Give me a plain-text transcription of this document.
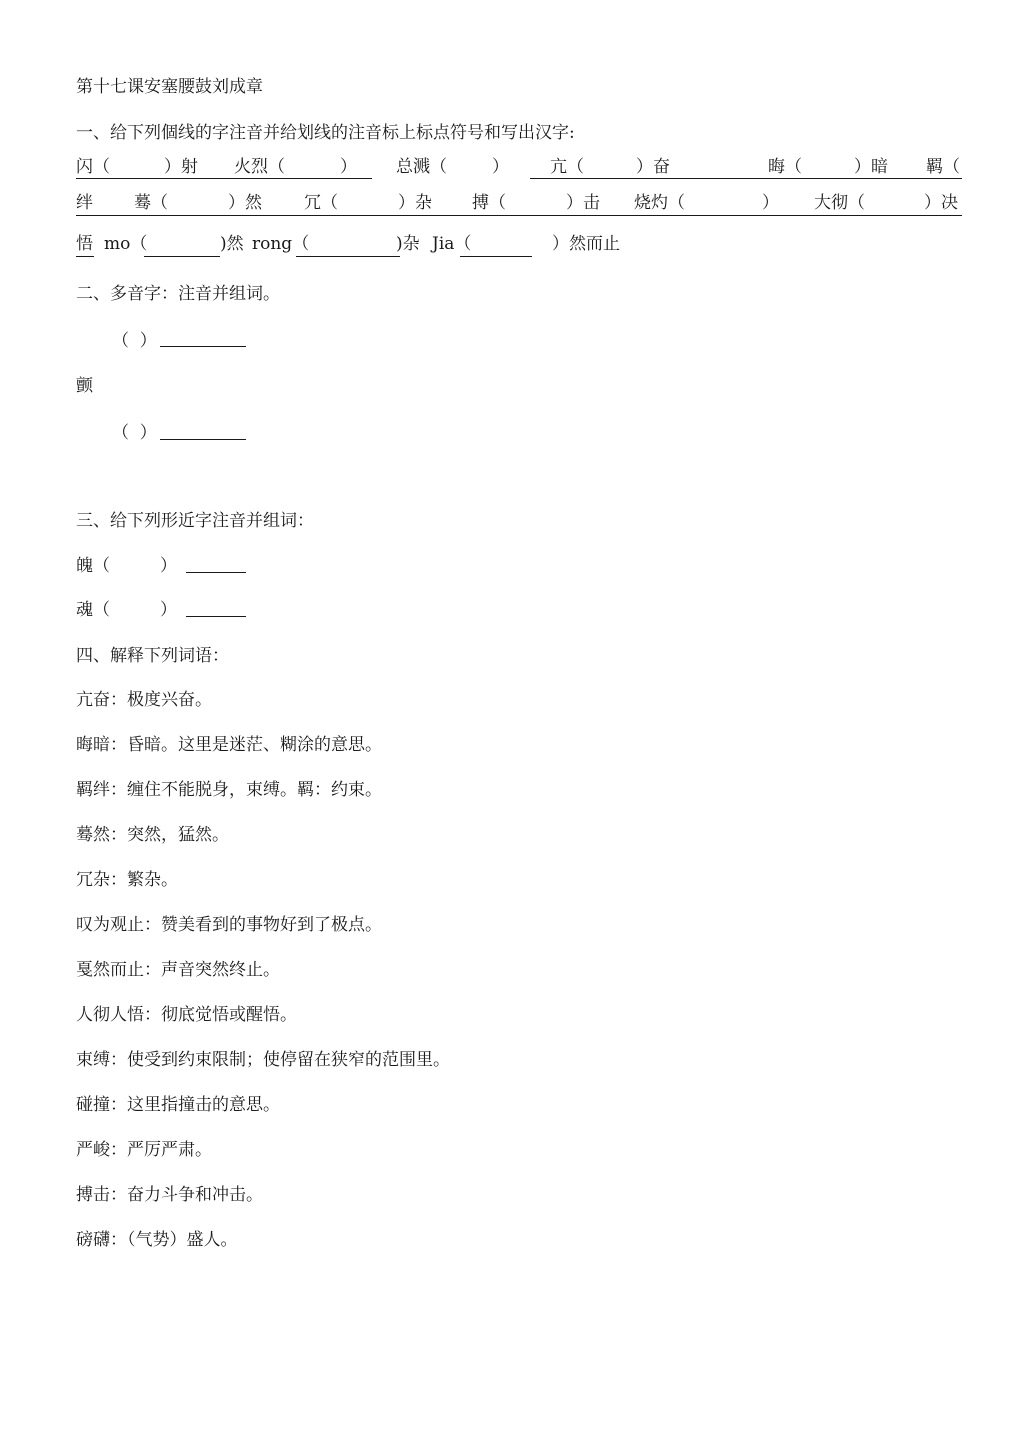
第十七课安塞腰鼓刘成章
一、给下列個线的字注音并给划线的注音标上标点符号和写出汉字:
闪（	）射 火烈（	） 总溅（	） 亢（	）奋	晦（	）暗 羁（
绊 蓦（	）然 冗（	）杂 搏（	）击 烧灼（	） 大彻（	）决
悟 mo（	)然 rong（	)杂 Jia（	）然而止
二、多音字：注音并组词。
（  ）
颤
（  ）
三、给下列形近字注音并组词：
魄（	）
魂（	）
四、解释下列词语：
亢奋：极度兴奋。
晦暗：昏暗。这里是迷茫、糊涂的意思。
羁绊：缠住不能脱身，束缚。羁：约束。
蓦然：突然，猛然。
冗杂：繁杂。
叹为观止：赞美看到的事物好到了极点。
戛然而止：声音突然终止。
人彻人悟：彻底觉悟或醒悟。
束缚：使受到约束限制；使停留在狭窄的范围里。
碰撞：这里指撞击的意思。
严峻：严厉严肃。
搏击：奋力斗争和冲击。
磅礴：（气势）盛人。
